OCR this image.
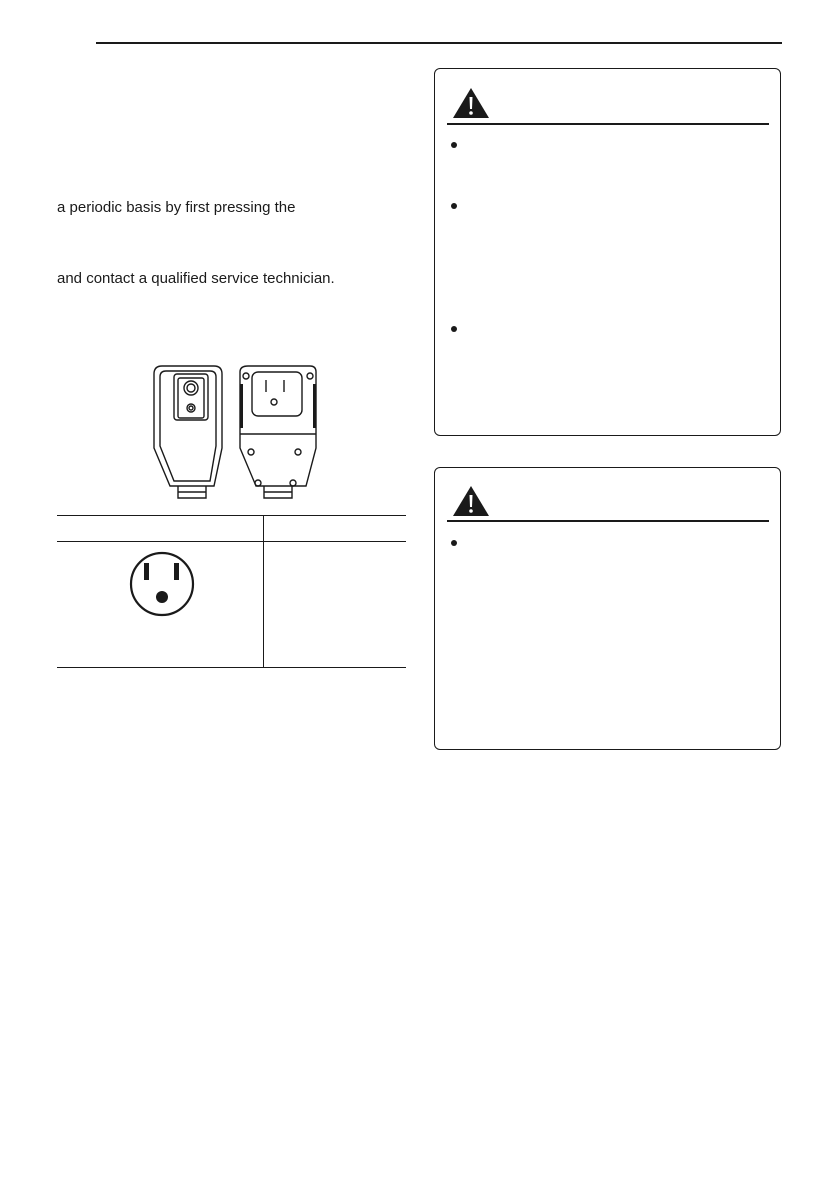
a periodic basis by first pressing the
and contact a qualified service technician.
